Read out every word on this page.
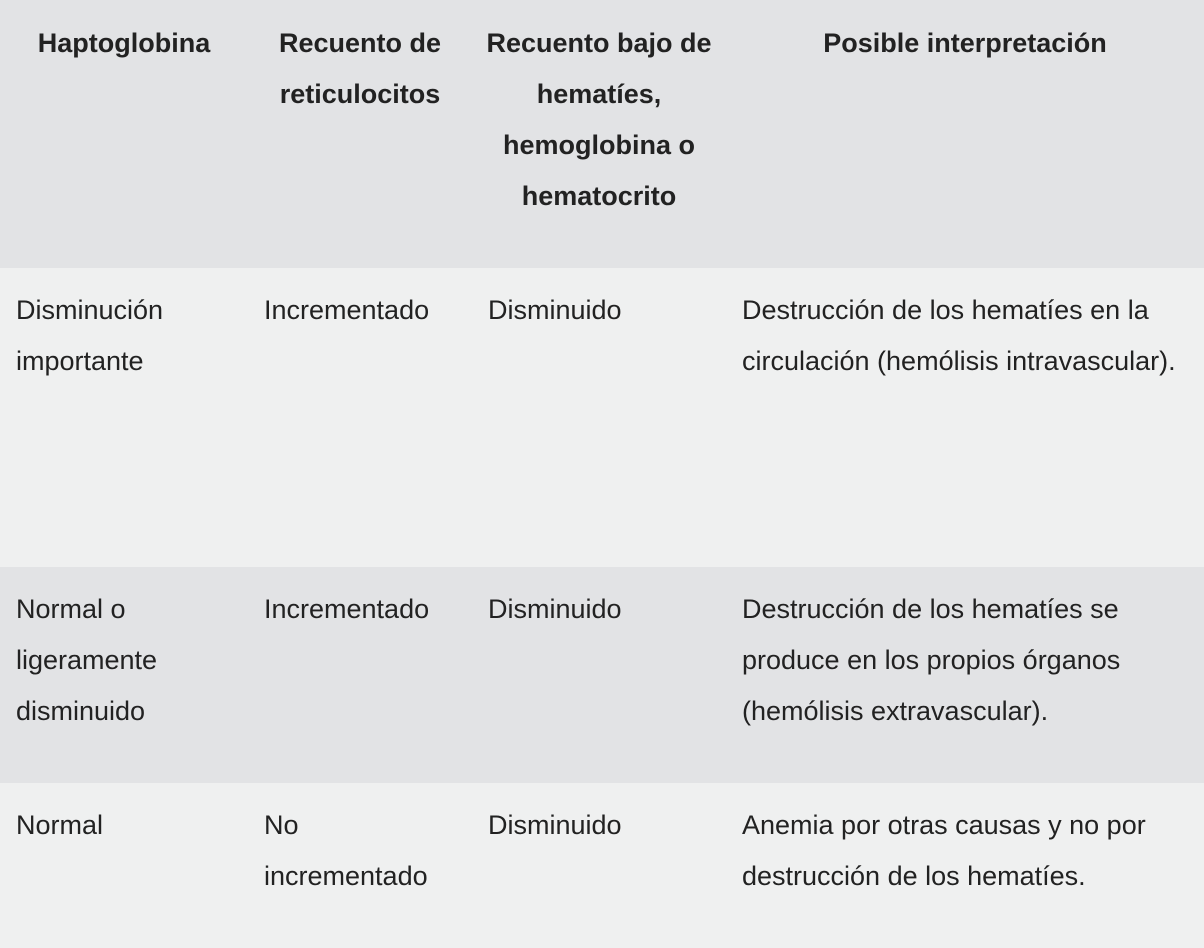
Haptoglobina	Recuento de reticulocitos	Recuento bajo de hematíes, hemoglobina o hematocrito	Posible interpretación
Disminución importante	Incrementado	Disminuido	Destrucción de los hematíes en la circulación (hemólisis intravascular).
Normal o ligeramente disminuido	Incrementado	Disminuido	Destrucción de los hematíes se produce en los propios órganos (hemólisis extravascular).
Normal	No incrementado	Disminuido	Anemia por otras causas y no por destrucción de los hematíes.
